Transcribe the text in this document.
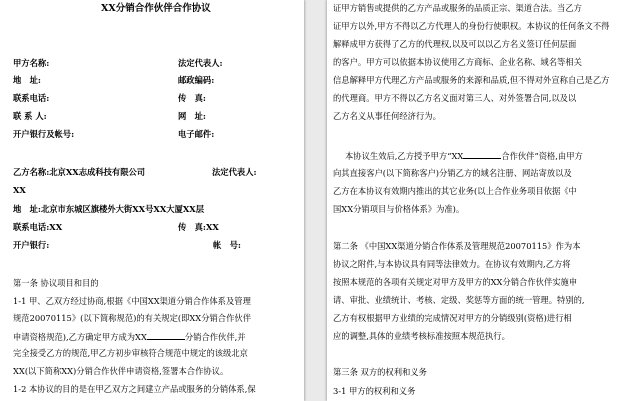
XX分销合作伙伴合作协议
甲方名称:	法定代表人:
地　址:	邮政编码:
联系电话:	传　真:
联 系 人:	网　址:
开户银行及帐号:	电子邮件:
乙方名称:北京XX志成科技有限公司	法定代表人:
XX
地　址:北京市东城区旗楼外大街XX号XX大厦XX层
联系电话:XX	传　真:XX
开户银行:	帐　号:
第一条 协议项目和目的
1-1 甲、乙双方经过协商,根据《中国XX渠道分销合作体系及管理
规范20070115》(以下简称规范)的有关规定(即XX分销合作伙伴
申请资格规范),乙方确定甲方成为XX	分销合作伙伴,并
完全接受乙方的规范,甲乙方初步审核符合规范中规定的该级北京
XX(以下简称XX)分销合作伙伴申请资格,签署本合作协议。
1-2 本协议的目的是在甲乙双方之间建立产品或服务的分销体系,保
证甲方销售或提供的乙方产品或服务的品质正宗、渠道合法。当乙方
证甲方以外,甲方不得以乙方代理人的身份行使职权。本协议的任何条文不得
解释成甲方获得了乙方的代理权,以及可以以乙方名义签订任何层面
的客户。甲方可以依据本协议使用乙方商标、企业名称、域名等相关
信息解释甲方代理乙方产品或服务的来源和品质,但不得对外宣称自己是乙方
的代理商。甲方不得以乙方名义面对第三人、对外签署合同,以及以
乙方名义从事任何经济行为。
本协议生效后,乙方授予甲方“XX	合作伙伴”资格,由甲方
向其直接客户(以下简称客户)分销乙方的域名注册、网站寄放以及
乙方在本协议有效期内推出的其它业务(以上合作业务项目依据《中
国XX分销项目与价格体系》为准)。
第二条 《中国XX渠道分销合作体系及管理规范20070115》作为本
协议之附件,与本协议具有同等法律效力。在协议有效期内,乙方将
按照本规范的各项有关规定对甲方及甲方的XX分销合作伙伴实施申
请、审批、业绩统计、考核、定级、奖惩等方面的统一管理。特别的,
乙方有权根据甲方业绩的完成情况对甲方的分销级别(资格)进行相
应的调整,具体的业绩考核标准按照本规范执行。
第三条 双方的权利和义务
3-1 甲方的权利和义务
